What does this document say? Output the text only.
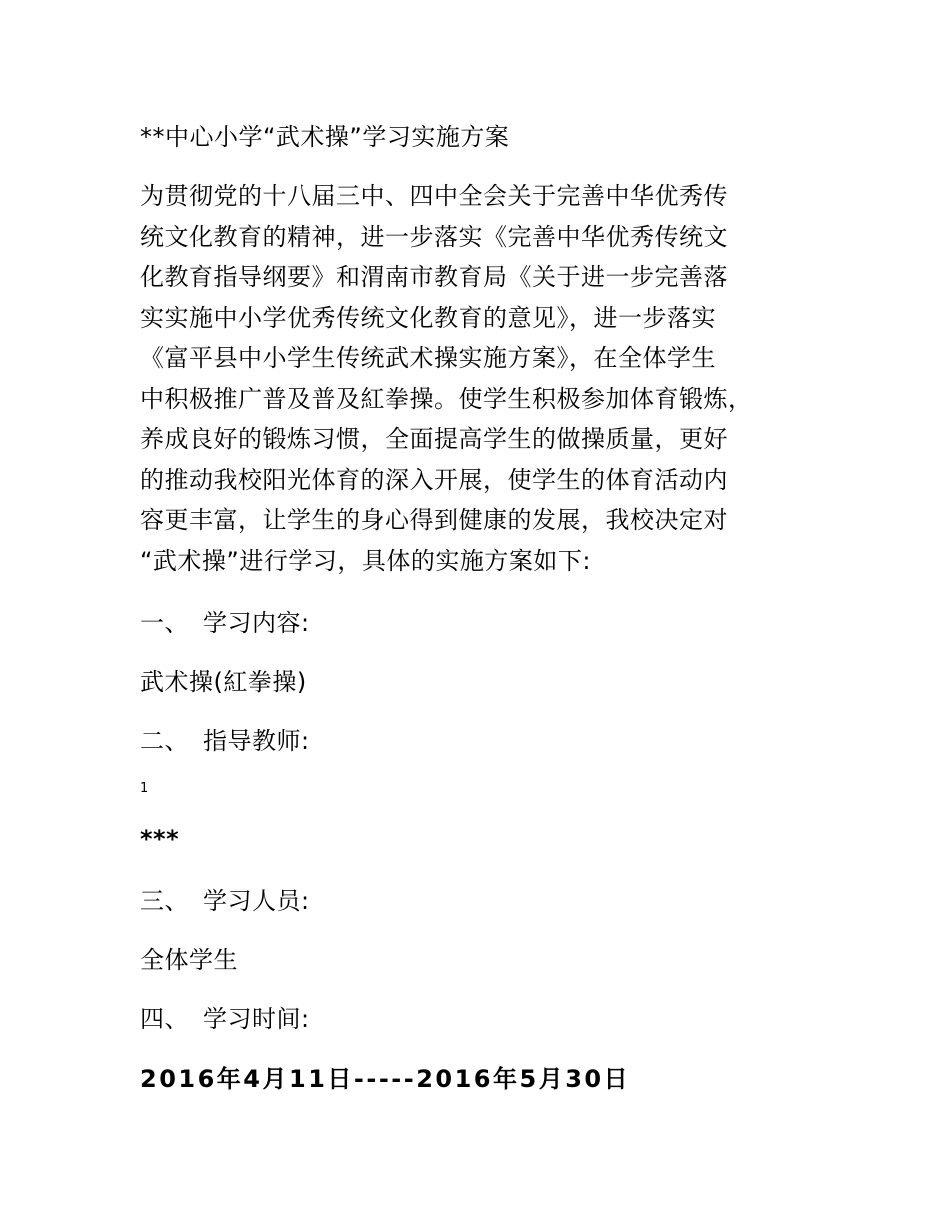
**中心小学“武术操”学习实施方案
为贯彻党的十八届三中、四中全会关于完善中华优秀传
统文化教育的精神，进一步落实《完善中华优秀传统文
化教育指导纲要》和渭南市教育局《关于进一步完善落
实实施中小学优秀传统文化教育的意见》，进一步落实
《富平县中小学生传统武术操实施方案》，在全体学生
中积极推广普及普及紅拳操。使学生积极参加体育锻炼，
养成良好的锻炼习惯，全面提高学生的做操质量，更好
的推动我校阳光体育的深入开展，使学生的体育活动内
容更丰富，让学生的身心得到健康的发展，我校决定对
“武术操”进行学习，具体的实施方案如下:
一、 学习内容:
武术操(紅拳操)
二、 指导教师:
1
***
三、 学习人员:
全体学生
四、 学习时间:
2016年4月11日-----2016年5月30日
